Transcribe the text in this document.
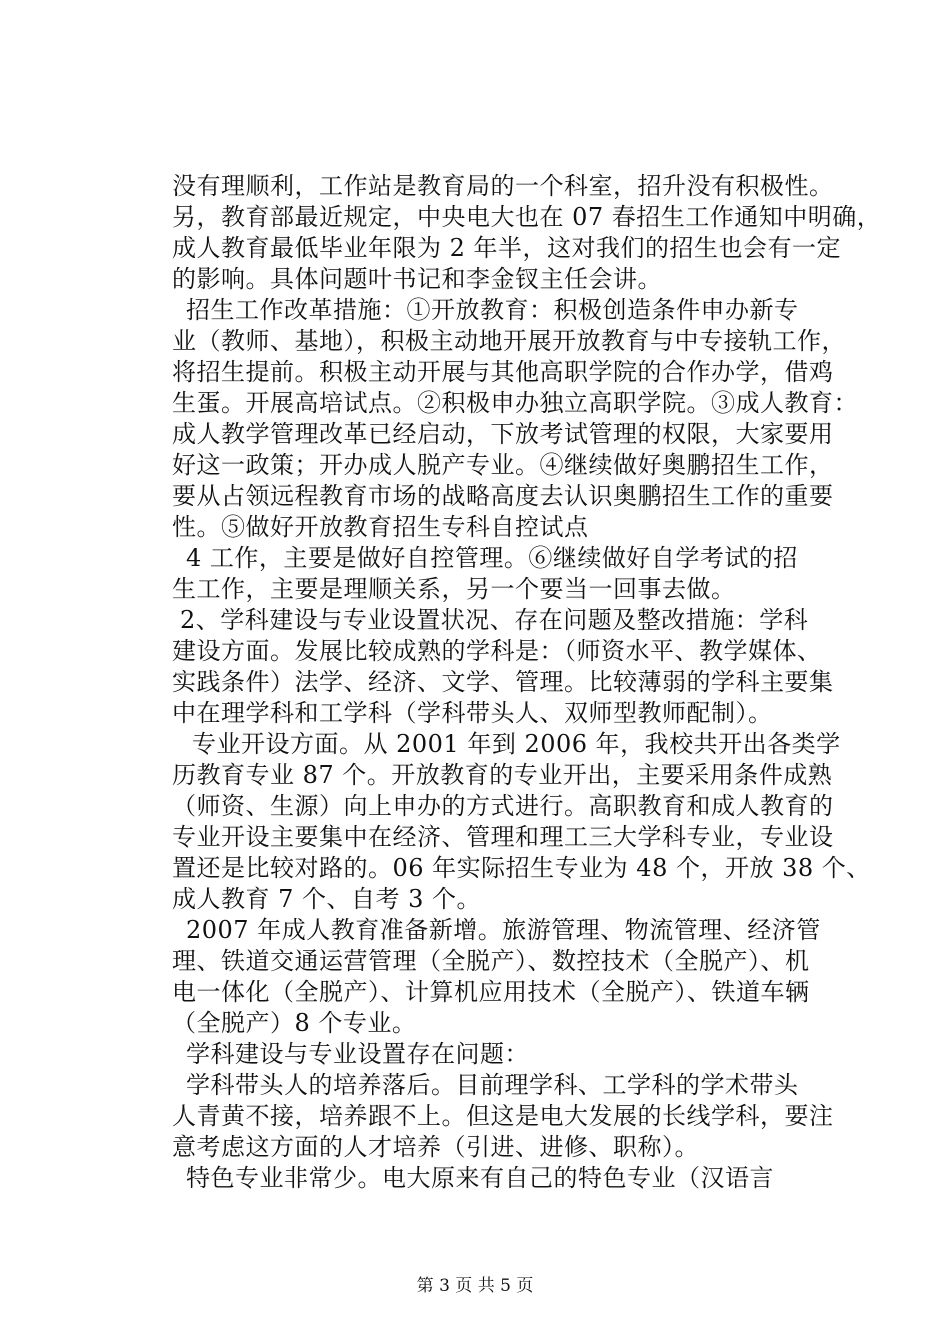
没有理顺利，工作站是教育局的一个科室，招升没有积极性。
另，教育部最近规定，中央电大也在 07 春招生工作通知中明确，
成人教育最低毕业年限为 2 年半，这对我们的招生也会有一定
的影响。具体问题叶书记和李金钗主任会讲。
招生工作改革措施：①开放教育：积极创造条件申办新专
业（教师、基地），积极主动地开展开放教育与中专接轨工作，
将招生提前。积极主动开展与其他高职学院的合作办学，借鸡
生蛋。开展高培试点。②积极申办独立高职学院。③成人教育：
成人教学管理改革已经启动，下放考试管理的权限，大家要用
好这一政策；开办成人脱产专业。④继续做好奥鹏招生工作，
要从占领远程教育市场的战略高度去认识奥鹏招生工作的重要
性。⑤做好开放教育招生专科自控试点
4 工作，主要是做好自控管理。⑥继续做好自学考试的招
生工作，主要是理顺关系，另一个要当一回事去做。
2、学科建设与专业设置状况、存在问题及整改措施：学科
建设方面。发展比较成熟的学科是：（师资水平、教学媒体、
实践条件）法学、经济、文学、管理。比较薄弱的学科主要集
中在理学科和工学科（学科带头人、双师型教师配制）。
专业开设方面。从 2001 年到 2006 年，我校共开出各类学
历教育专业 87 个。开放教育的专业开出，主要采用条件成熟
（师资、生源）向上申办的方式进行。高职教育和成人教育的
专业开设主要集中在经济、管理和理工三大学科专业，专业设
置还是比较对路的。06 年实际招生专业为 48 个，开放 38 个、
成人教育 7 个、自考 3 个。
2007 年成人教育准备新增。旅游管理、物流管理、经济管
理、铁道交通运营管理（全脱产）、数控技术（全脱产）、机
电一体化（全脱产）、计算机应用技术（全脱产）、铁道车辆
（全脱产）8 个专业。
学科建设与专业设置存在问题：
学科带头人的培养落后。目前理学科、工学科的学术带头
人青黄不接，培养跟不上。但这是电大发展的长线学科，要注
意考虑这方面的人才培养（引进、进修、职称）。
特色专业非常少。电大原来有自己的特色专业（汉语言
第 3 页 共 5 页
